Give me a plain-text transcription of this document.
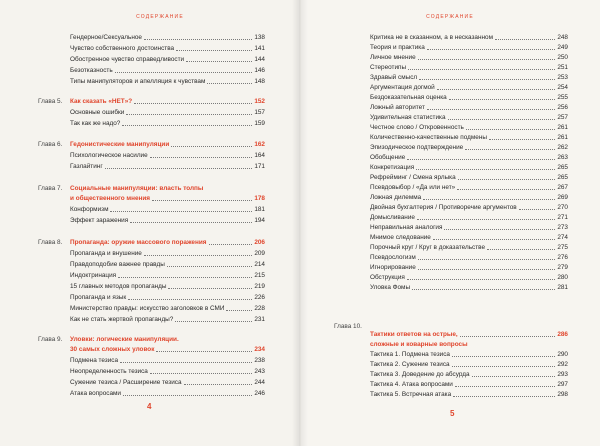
СОДЕРЖАНИЕ
Гендерное/Сексуальное	138
Чувство собственного достоинства	141
Обостренное чувство справедливости	144
Безотказность	146
Типы манипуляторов и апелляция к чувствам	148
Глава 5. Как сказать «НЕТ»?	152
Основные ошибки	157
Так как же надо?	159
Глава 6. Гедонистические манипуляции	162
Психологическое насилие	164
Газлайтинг	171
Глава 7. Социальные манипуляции: власть толпы
и общественного мнения	178
Конформизм	181
Эффект заражения	194
Глава 8. Пропаганда: оружие массового поражения	206
Пропаганда и внушение	209
Правдоподобие важнее правды	214
Индоктринация	215
15 главных методов пропаганды	219
Пропаганда и язык	226
Министерство правды: искусство заголовков в СМИ	228
Как не стать жертвой пропаганды?	231
Глава 9. Уловки: логические манипуляции.
30 самых сложных уловок	234
Подмена тезиса	238
Неопределенность тезиса	243
Сужение тезиса / Расширение тезиса	244
Атака вопросами	246
4
СОДЕРЖАНИЕ
Критика не в сказанном, а в несказанном	248
Теория и практика	249
Личное мнение	250
Стереотипы	251
Здравый смысл	253
Аргументация догмой	254
Бездоказательная оценка	255
Ложный авторитет	256
Удивительная статистика	257
Честное слово / Откровенность	261
Количественно-качественные подмены	261
Эпизодическое подтверждение	262
Обобщение	263
Конкретизация	265
Рефрейминг / Смена ярлыка	265
Псевдовыбор / «Да или нет»	267
Ложная дилемма	269
Двойная бухгалтерия / Противоречие аргументов	270
Домысливание	271
Неправильная аналогия	273
Мнимое следование	274
Порочный круг / Круг в доказательстве	275
Псевдослогизм	276
Игнорирование	279
Обструкция	280
Уловка Фомы	281
Глава 10.
Тактики ответов на острые,	286
сложные и коварные вопросы
Тактика 1. Подмена тезиса	290
Тактика 2. Сужение тезиса	292
Тактика 3. Доведение до абсурда	293
Тактика 4. Атака вопросами	297
Тактика 5. Встречная атака	298
5
